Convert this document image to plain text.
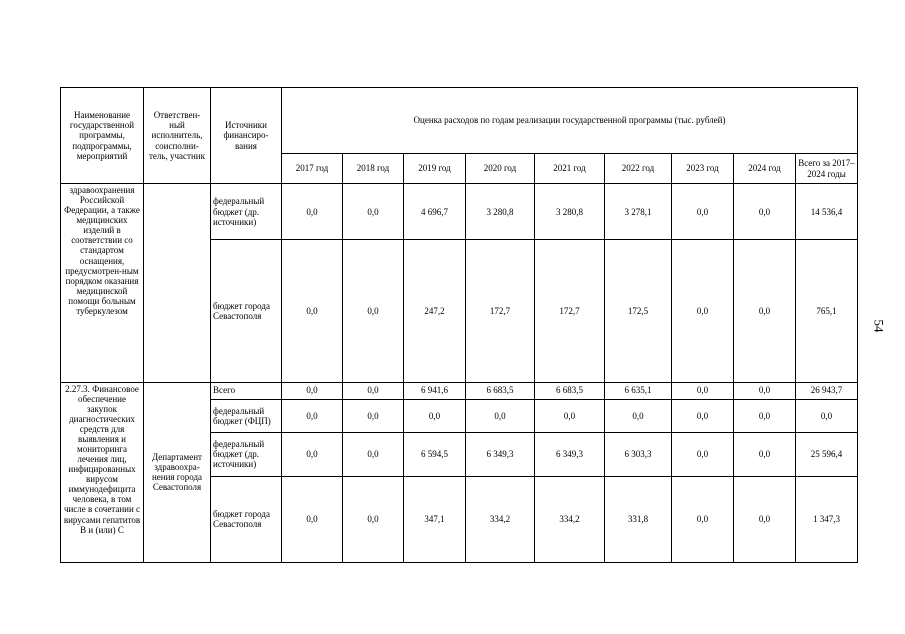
Наименование государственной программы, подпрограммы, мероприятий	Ответствен-ный исполнитель, соисполни-тель, участник	Источники финансиро-вания	Оценка расходов по годам реализации государственной программы (тыс. рублей)								
			2017 год	2018 год	2019 год	2020 год	2021 год	2022 год	2023 год	2024 год	Всего за 2017–2024 годы
здравоохранения Российской Федерации, а также медицинских изделий в соответствии со стандартом оснащения, предусмотрен-ным порядком оказания медицинской помощи больным туберкулезом		федеральный бюджет (др. источники)	0,0	0,0	4 696,7	3 280,8	3 280,8	3 278,1	0,0	0,0	14 536,4
		бюджет города Севастополя	0,0	0,0	247,2	172,7	172,7	172,5	0,0	0,0	765,1
2.27.3. Финансовое обеспечение закупок диагностических средств для выявления и мониторинга лечения лиц, инфицированных вирусом иммунодефицита человека, в том числе в сочетании с вирусами гепатитов В и (или) С	Департамент здравоохра-нения города Севастополя	Всего	0,0	0,0	6 941,6	6 683,5	6 683,5	6 635,1	0,0	0,0	26 943,7
		федеральный бюджет (ФЦП)	0,0	0,0	0,0	0,0	0,0	0,0	0,0	0,0	0,0
		федеральный бюджет (др. источники)	0,0	0,0	6 594,5	6 349,3	6 349,3	6 303,3	0,0	0,0	25 596,4
		бюджет города Севастополя	0,0	0,0	347,1	334,2	334,2	331,8	0,0	0,0	1 347,3
54
